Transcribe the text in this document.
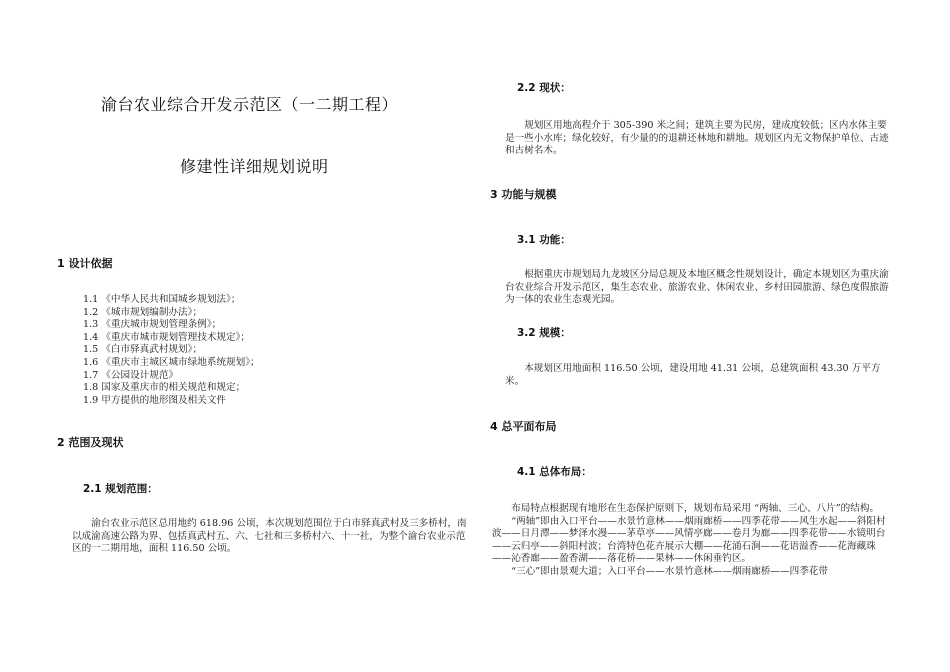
渝台农业综合开发示范区（一二期工程）
修建性详细规划说明
1 设计依据
1.1 《中华人民共和国城乡规划法》；
1.2 《城市规划编制办法》；
1.3 《重庆城市规划管理条例》；
1.4 《重庆市城市规划管理技术规定》；
1.5 《白市驿真武村规划》；
1.6 《重庆市主城区城市绿地系统规划》；
1.7 《公园设计规范》
1.8 国家及重庆市的相关规范和规定；
1.9 甲方提供的地形图及相关文件
2 范围及现状
2.1 规划范围：

渝台农业示范区总用地约 618.96 公顷，本次规划范围位于白市驿真武村及三多桥村，南以成渝高速公路为界、包括真武村五、六、七社和三多桥村六、十一社，为整个渝台农业示范区的一二期用地，面积 116.50 公顷。

2.2 现状：

规划区用地高程介于 305-390 米之间；建筑主要为民房，建成度较低；区内水体主要是一些小水库；绿化较好，有少量的的退耕还林地和耕地。规划区内无文物保护单位、古迹和古树名木。

3 功能与规模
3.1 功能：

根据重庆市规划局九龙坡区分局总规及本地区概念性规划设计，确定本规划区为重庆渝台农业综合开发示范区，集生态农业、旅游农业、休闲农业、乡村田园旅游、绿色度假旅游为一体的农业生态观光园。

3.2 规模：

本规划区用地面积 116.50 公顷，建设用地 41.31 公顷，总建筑面积 43.30 万平方米。

4 总平面布局
4.1 总体布局：

布局特点根据现有地形在生态保护原则下，规划布局采用 “两轴、三心、八片”的结构。

“两轴”即由入口平台——水景竹意林——烟雨廊桥——四季花带——风生水起——斜阳村波——日月潭——梦泽水漫——茅草亭——风情亭廊——卷月为廊——四季花带——水镜明台——云归亭——斜阳村波；台湾特色花卉展示大棚——花涌石涧——花语溢香——花海藏珠——沁香廊——盈香湖——落花桥——果林——休闲垂钓区。

“三心”即由景观大道；入口平台——水景竹意林——烟雨廊桥——四季花带
